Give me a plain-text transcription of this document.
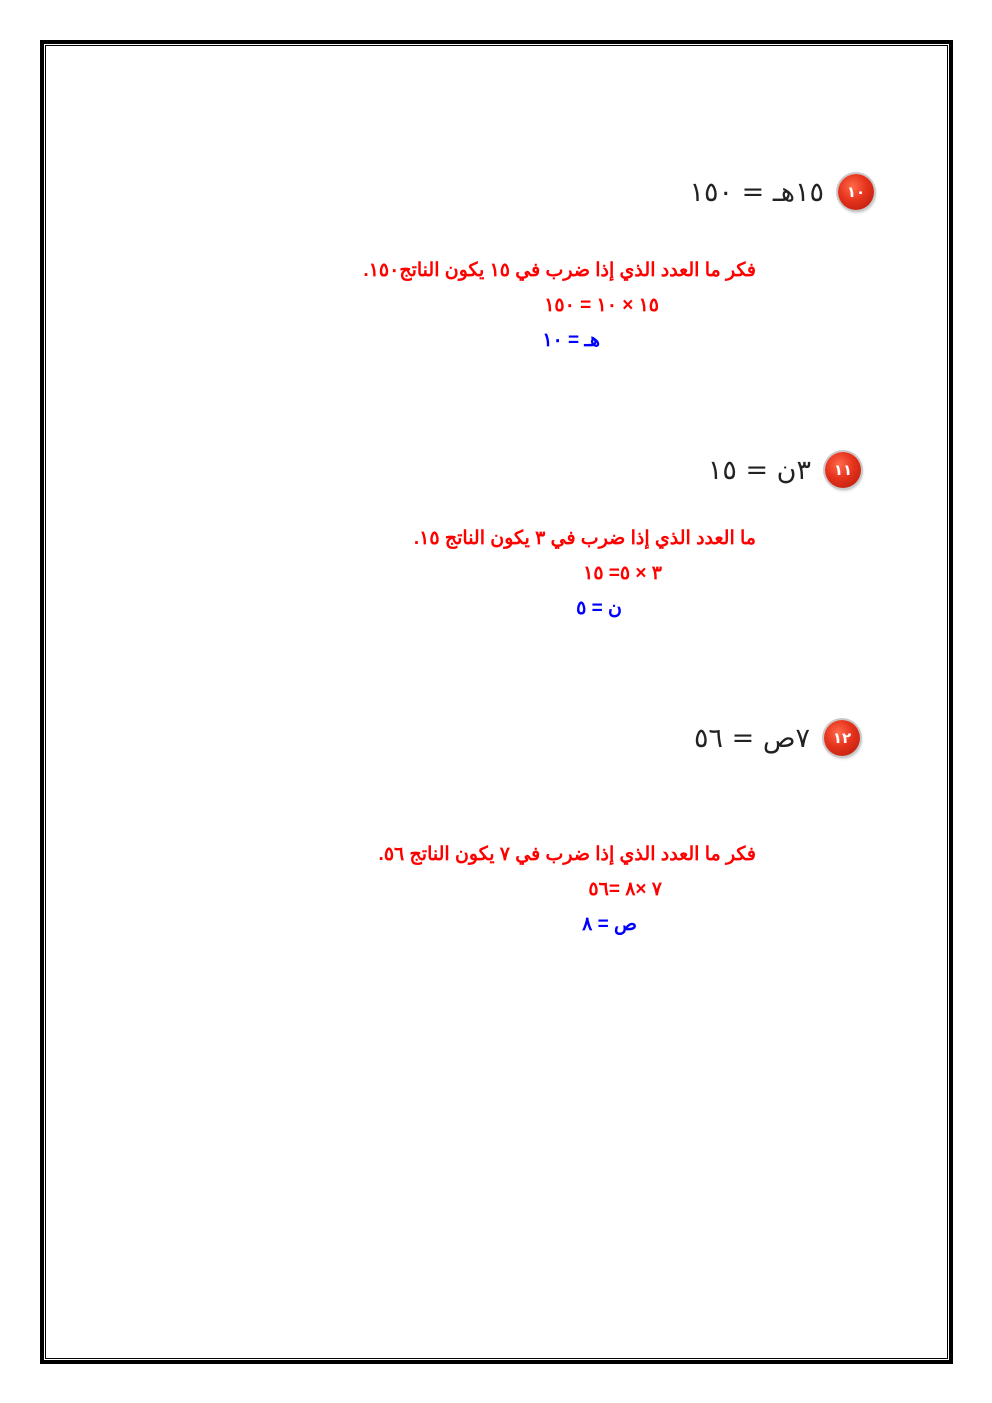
١٠
١٥هـ = ١٥٠
فكر ما العدد الذي إذا ضرب في ١٥ يكون الناتج١٥٠.
١٥ × ١٠ = ١٥٠
هـ = ١٠
١١
٣ن = ١٥
ما العدد الذي إذا ضرب في ٣ يكون الناتج ١٥.
٣ × ٥= ١٥
ن = ٥
١٢
٧ص = ٥٦
فكر ما العدد الذي إذا ضرب في ٧ يكون الناتج ٥٦.
٧ ×٨ =٥٦
ص = ٨
